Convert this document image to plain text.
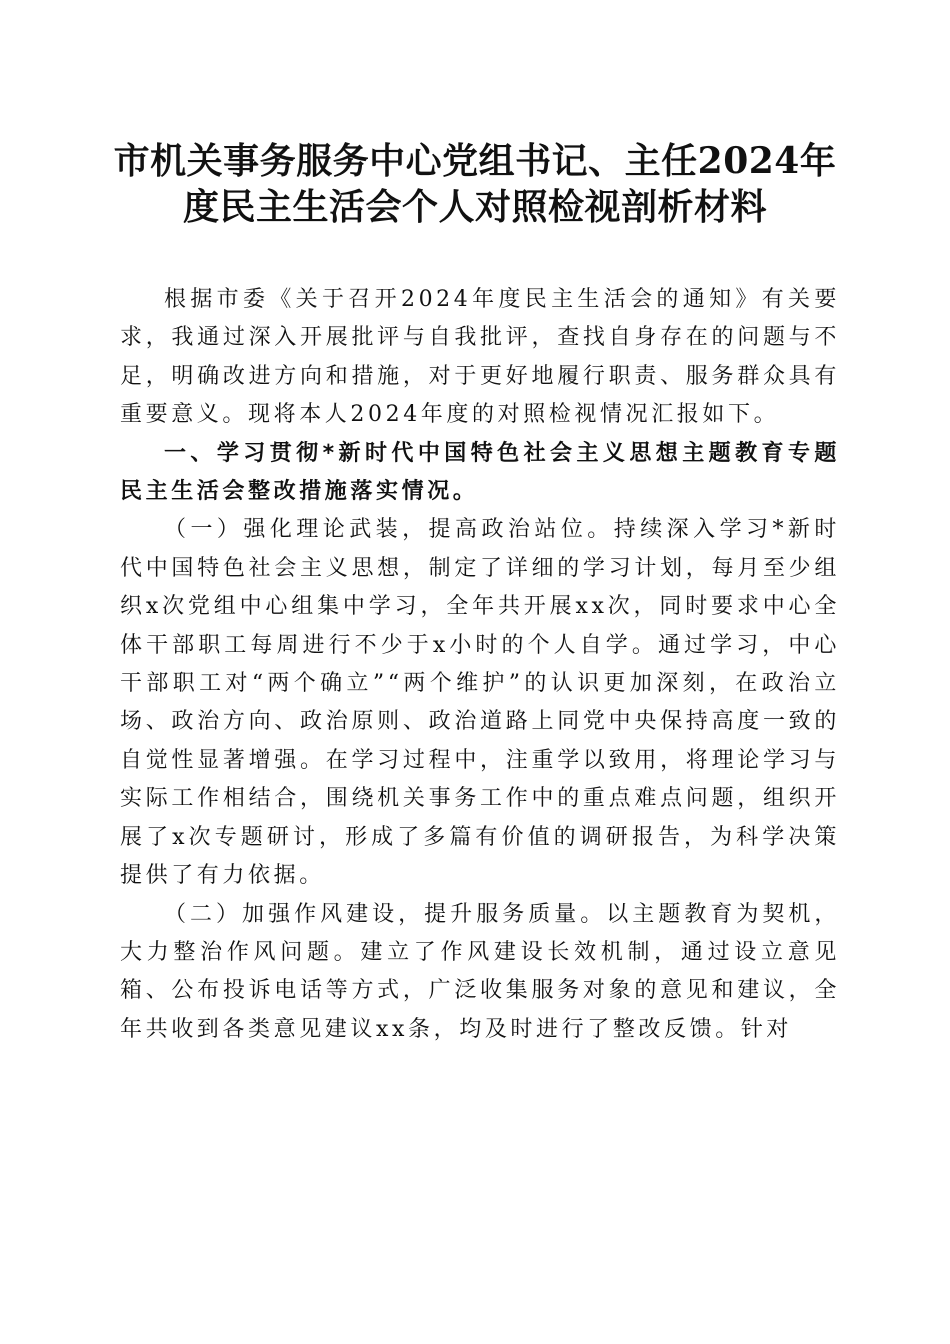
市机关事务服务中心党组书记、主任2024年
度民主生活会个人对照检视剖析材料

根据市委《关于召开2024年度民主生活会的通知》有关要求，我通过深入开展批评与自我批评，查找自身存在的问题与不足，明确改进方向和措施，对于更好地履行职责、服务群众具有重要意义。现将本人2024年度的对照检视情况汇报如下。

一、学习贯彻*新时代中国特色社会主义思想主题教育专题民主生活会整改措施落实情况。

（一）强化理论武装，提高政治站位。持续深入学习*新时代中国特色社会主义思想，制定了详细的学习计划，每月至少组织x次党组中心组集中学习，全年共开展xx次，同时要求中心全体干部职工每周进行不少于x小时的个人自学。通过学习，中心干部职工对“两个确立”“两个维护”的认识更加深刻，在政治立场、政治方向、政治原则、政治道路上同党中央保持高度一致的自觉性显著增强。在学习过程中，注重学以致用，将理论学习与实际工作相结合，围绕机关事务工作中的重点难点问题，组织开展了x次专题研讨，形成了多篇有价值的调研报告，为科学决策提供了有力依据。

（二）加强作风建设，提升服务质量。以主题教育为契机，大力整治作风问题。建立了作风建设长效机制，通过设立意见箱、公布投诉电话等方式，广泛收集服务对象的意见和建议，全年共收到各类意见建议xx条，均及时进行了整改反馈。针对
